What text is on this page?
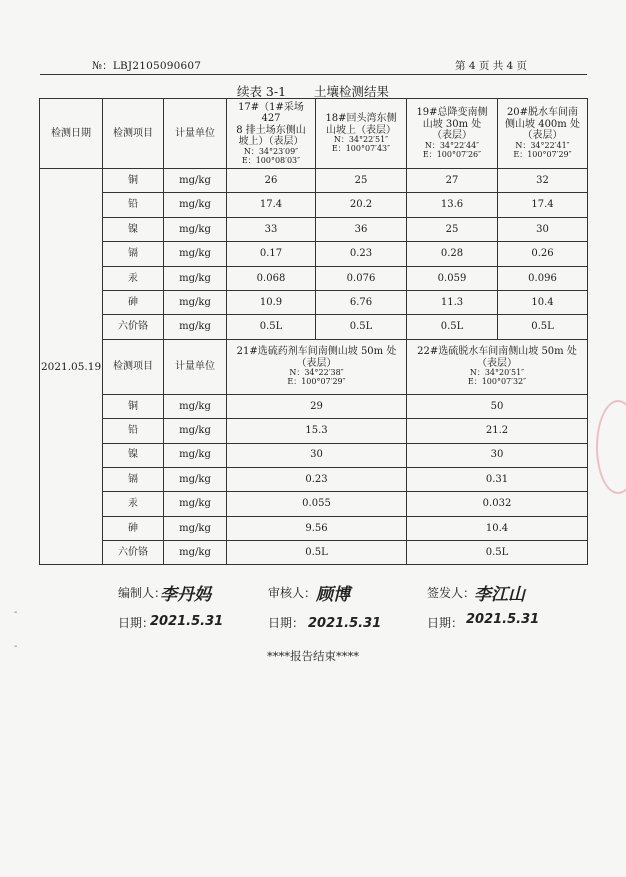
№：LBJ2105090607	第 4 页 共 4 页
续表 3-1 土壤检测结果
检测日期	检测项目	计量单位	17#（1#采场 427
8 排土场东侧山
坡上）（表层）
N：34°23′09″
E：100°08′03″	18#回头湾东侧
山坡上（表层）
N：34°22′51″
E：100°07′43″	19#总降变南侧
山坡 30m 处
（表层）
N：34°22′44″
E：100°07′26″	20#脱水车间南
侧山坡 400m 处
（表层）
N：34°22′41″
E：100°07′29″

2021.05.19	铜	mg/kg	26	25	27	32
	铅	mg/kg	17.4	20.2	13.6	17.4
	镍	mg/kg	33	36	25	30
	镉	mg/kg	0.17	0.23	0.28	0.26
	汞	mg/kg	0.068	0.076	0.059	0.096
	砷	mg/kg	10.9	6.76	11.3	10.4
	六价铬	mg/kg	0.5L	0.5L	0.5L	0.5L
	检测项目	计量单位	21#选硫药剂车间南侧山坡 50m 处
（表层）
N：34°22′38″
E：100°07′29″		22#选硫脱水车间南侧山坡 50m 处
（表层）
N：34°20′51″
E：100°07′32″	

	铜	mg/kg	29		50	
	铅	mg/kg	15.3		21.2	
	镍	mg/kg	30		30	
	镉	mg/kg	0.23		0.31	
	汞	mg/kg	0.055		0.032	
	砷	mg/kg	9.56		10.4	
	六价铬	mg/kg	0.5L		0.5L	
编制人：
李丹妈	审核人： 顾博	签发人：
李江山
日期：
2021.5.31	日期： 2021.5.31	日期： 2021.5.31
****报告结束****
-
-
